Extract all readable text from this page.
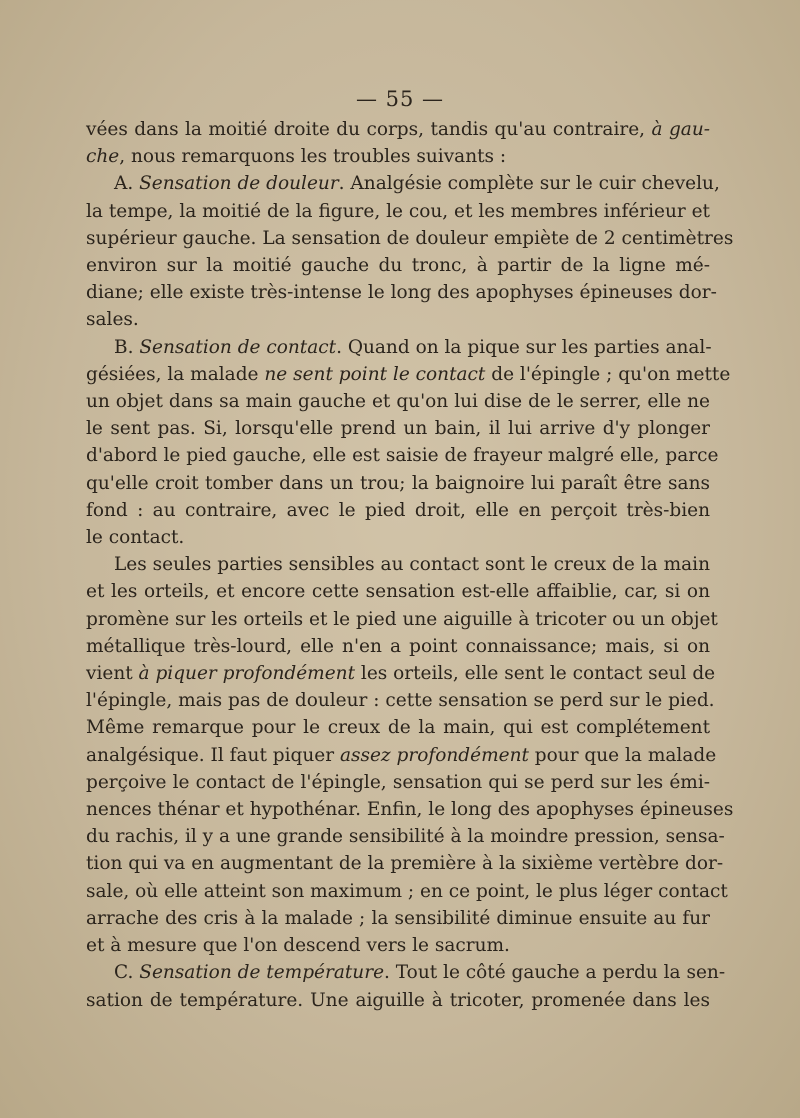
— 55 —
vées dans la moitié droite du corps, tandis qu'au contraire, à gau-
che, nous remarquons les troubles suivants :
A. Sensation de douleur. Analgésie complète sur le cuir chevelu,
la tempe, la moitié de la figure, le cou, et les membres inférieur et
supérieur gauche. La sensation de douleur empiète de 2 centimètres
environ sur la moitié gauche du tronc, à partir de la ligne mé-
diane; elle existe très-intense le long des apophyses épineuses dor-
sales.
B. Sensation de contact. Quand on la pique sur les parties anal-
gésiées, la malade ne sent point le contact de l'épingle ; qu'on mette
un objet dans sa main gauche et qu'on lui dise de le serrer, elle ne
le sent pas. Si, lorsqu'elle prend un bain, il lui arrive d'y plonger
d'abord le pied gauche, elle est saisie de frayeur malgré elle, parce
qu'elle croit tomber dans un trou; la baignoire lui paraît être sans
fond : au contraire, avec le pied droit, elle en perçoit très-bien
le contact.
Les seules parties sensibles au contact sont le creux de la main
et les orteils, et encore cette sensation est-elle affaiblie, car, si on
promène sur les orteils et le pied une aiguille à tricoter ou un objet
métallique très-lourd, elle n'en a point connaissance; mais, si on
vient à piquer profondément les orteils, elle sent le contact seul de
l'épingle, mais pas de douleur : cette sensation se perd sur le pied.
Même remarque pour le creux de la main, qui est complétement
analgésique. Il faut piquer assez profondément pour que la malade
perçoive le contact de l'épingle, sensation qui se perd sur les émi-
nences thénar et hypothénar. Enfin, le long des apophyses épineuses
du rachis, il y a une grande sensibilité à la moindre pression, sensa-
tion qui va en augmentant de la première à la sixième vertèbre dor-
sale, où elle atteint son maximum ; en ce point, le plus léger contact
arrache des cris à la malade ; la sensibilité diminue ensuite au fur
et à mesure que l'on descend vers le sacrum.
C. Sensation de température. Tout le côté gauche a perdu la sen-
sation de température. Une aiguille à tricoter, promenée dans les
